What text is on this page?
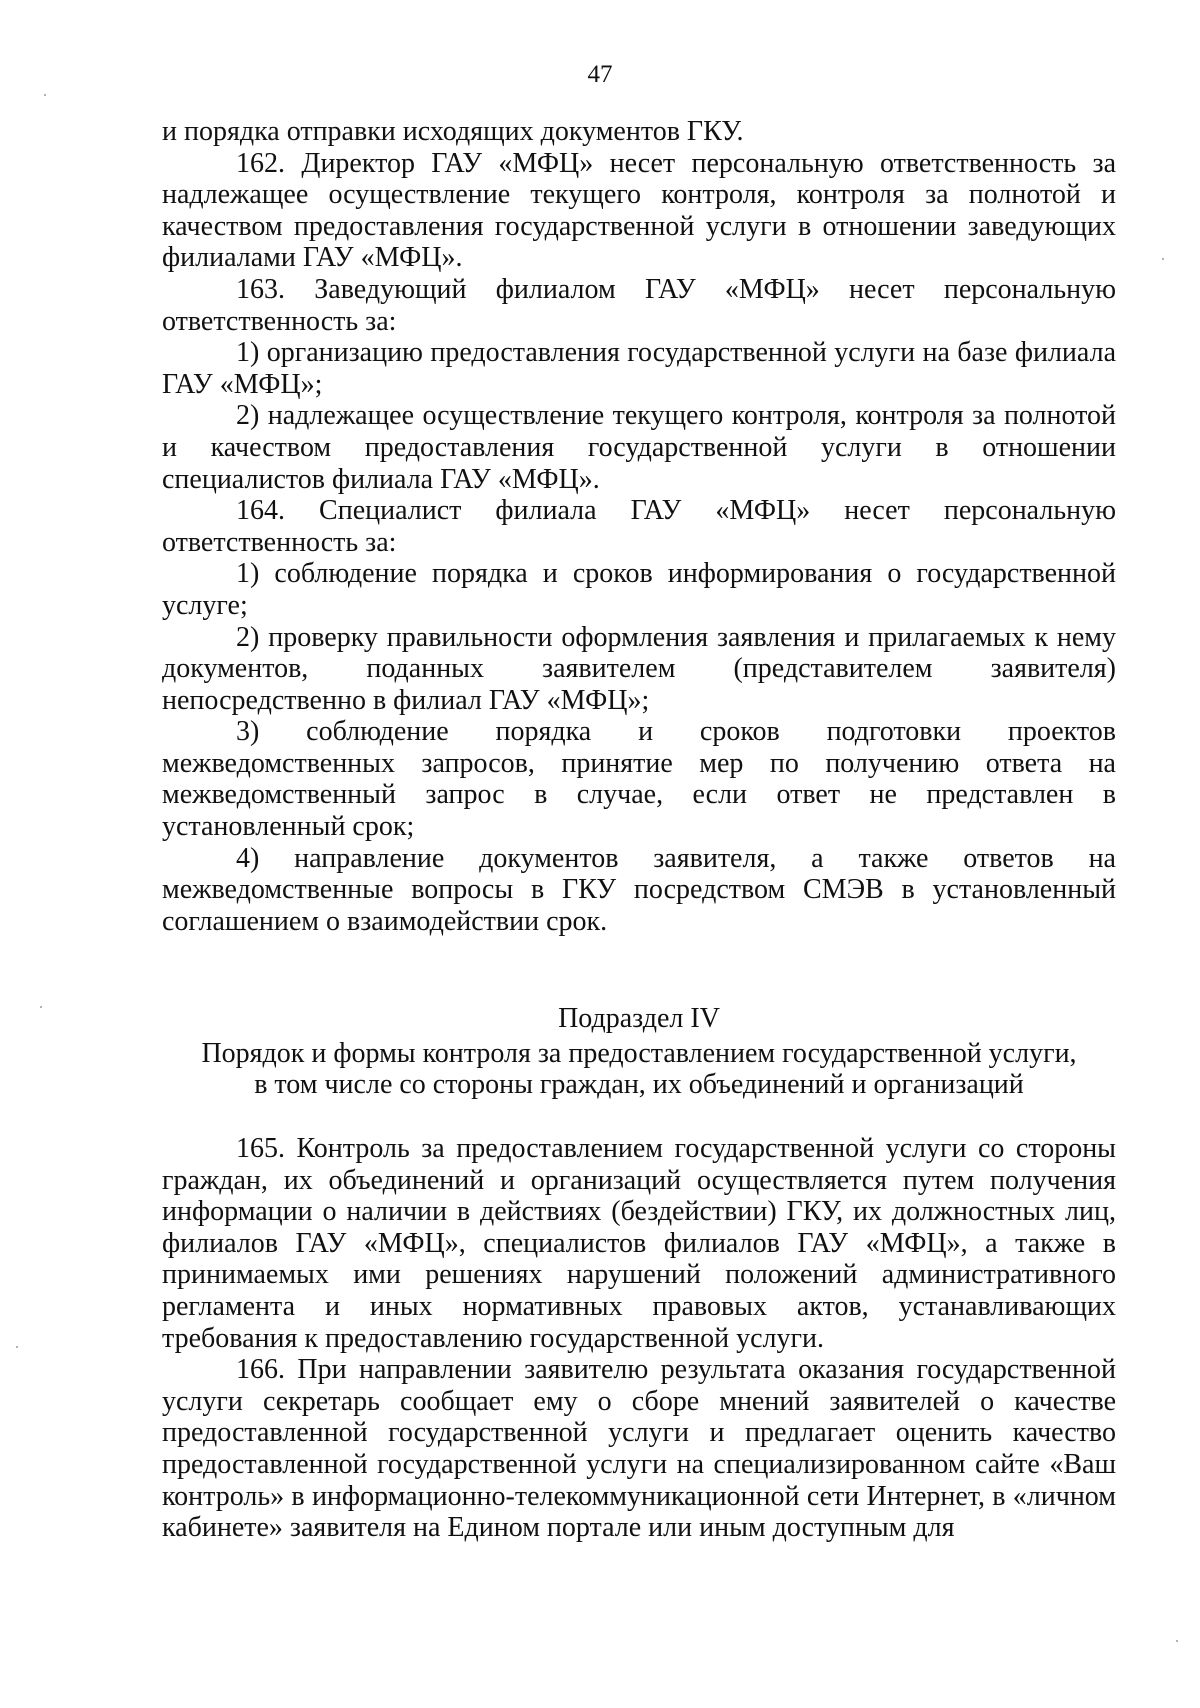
47

и порядка отправки исходящих документов ГКУ.

162. Директор ГАУ «МФЦ» несет персональную ответственность за надлежащее осуществление текущего контроля, контроля за полнотой и качеством предоставления государственной услуги в отношении заведующих филиалами ГАУ «МФЦ».

163. Заведующий филиалом ГАУ «МФЦ» несет персональную ответственность за:

1) организацию предоставления государственной услуги на базе филиала ГАУ «МФЦ»;

2) надлежащее осуществление текущего контроля, контроля за полнотой и качеством предоставления государственной услуги в отношении специалистов филиала ГАУ «МФЦ».

164. Специалист филиала ГАУ «МФЦ» несет персональную ответственность за:

1) соблюдение порядка и сроков информирования о государственной услуге;

2) проверку правильности оформления заявления и прилагаемых к нему документов, поданных заявителем (представителем заявителя) непосредственно в филиал ГАУ «МФЦ»;

3) соблюдение порядка и сроков подготовки проектов межведомственных запросов, принятие мер по получению ответа на межведомственный запрос в случае, если ответ не представлен в установленный срок;

4) направление документов заявителя, а также ответов на межведомственные вопросы в ГКУ посредством СМЭВ в установленный соглашением о взаимодействии срок.

Подраздел IV
Порядок и формы контроля за предоставлением государственной услуги,
в том числе со стороны граждан, их объединений и организаций

165. Контроль за предоставлением государственной услуги со стороны граждан, их объединений и организаций осуществляется путем получения информации о наличии в действиях (бездействии) ГКУ, их должностных лиц, филиалов ГАУ «МФЦ», специалистов филиалов ГАУ «МФЦ», а также в принимаемых ими решениях нарушений положений административного регламента и иных нормативных правовых актов, устанавливающих требования к предоставлению государственной услуги.

166. При направлении заявителю результата оказания государственной услуги секретарь сообщает ему о сборе мнений заявителей о качестве предоставленной государственной услуги и предлагает оценить качество предоставленной государственной услуги на специализированном сайте «Ваш контроль» в информационно-телекоммуникационной сети Интернет, в «личном кабинете» заявителя на Едином портале или иным доступным для
